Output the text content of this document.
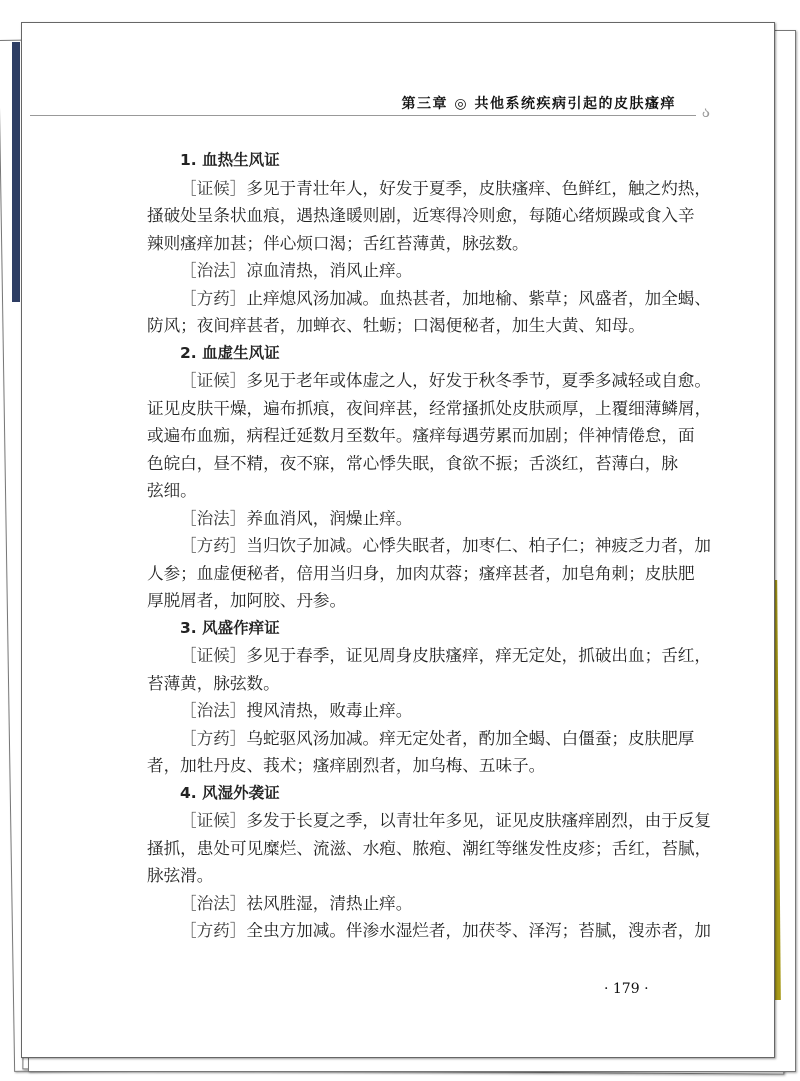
第三章 ◎ 共他系统疾病引起的皮肤瘙痒 ა
1. 血热生风证
［证候］多见于青壮年人，好发于夏季，皮肤瘙痒、色鲜红，触之灼热，
搔破处呈条状血痕，遇热逢暖则剧，近寒得冷则愈，每随心绪烦躁或食入辛
辣则瘙痒加甚；伴心烦口渴；舌红苔薄黄，脉弦数。
［治法］凉血清热，消风止痒。
［方药］止痒熄风汤加减。血热甚者，加地榆、紫草；风盛者，加全蝎、
防风；夜间痒甚者，加蝉衣、牡蛎；口渴便秘者，加生大黄、知母。
2. 血虚生风证
［证候］多见于老年或体虚之人，好发于秋冬季节，夏季多减轻或自愈。
证见皮肤干燥，遍布抓痕，夜间痒甚，经常搔抓处皮肤顽厚，上覆细薄鳞屑，
或遍布血痂，病程迁延数月至数年。瘙痒每遇劳累而加剧；伴神情倦怠，面
色皖白，昼不精，夜不寐，常心悸失眠，食欲不振；舌淡红，苔薄白，脉
弦细。
［治法］养血消风，润燥止痒。
［方药］当归饮子加减。心悸失眠者，加枣仁、柏子仁；神疲乏力者，加
人参；血虚便秘者，倍用当归身，加肉苁蓉；瘙痒甚者，加皂角刺；皮肤肥
厚脱屑者，加阿胶、丹参。
3. 风盛作痒证
［证候］多见于春季，证见周身皮肤瘙痒，痒无定处，抓破出血；舌红，
苔薄黄，脉弦数。
［治法］搜风清热，败毒止痒。
［方药］乌蛇驱风汤加减。痒无定处者，酌加全蝎、白僵蚕；皮肤肥厚
者，加牡丹皮、莪术；瘙痒剧烈者，加乌梅、五味子。
4. 风湿外袭证
［证候］多发于长夏之季，以青壮年多见，证见皮肤瘙痒剧烈，由于反复
搔抓，患处可见糜烂、流滋、水疱、脓疱、潮红等继发性皮疹；舌红，苔腻，
脉弦滑。
［治法］祛风胜湿，清热止痒。
［方药］全虫方加减。伴渗水湿烂者，加茯苓、泽泻；苔腻，溲赤者，加
· 179 ·
